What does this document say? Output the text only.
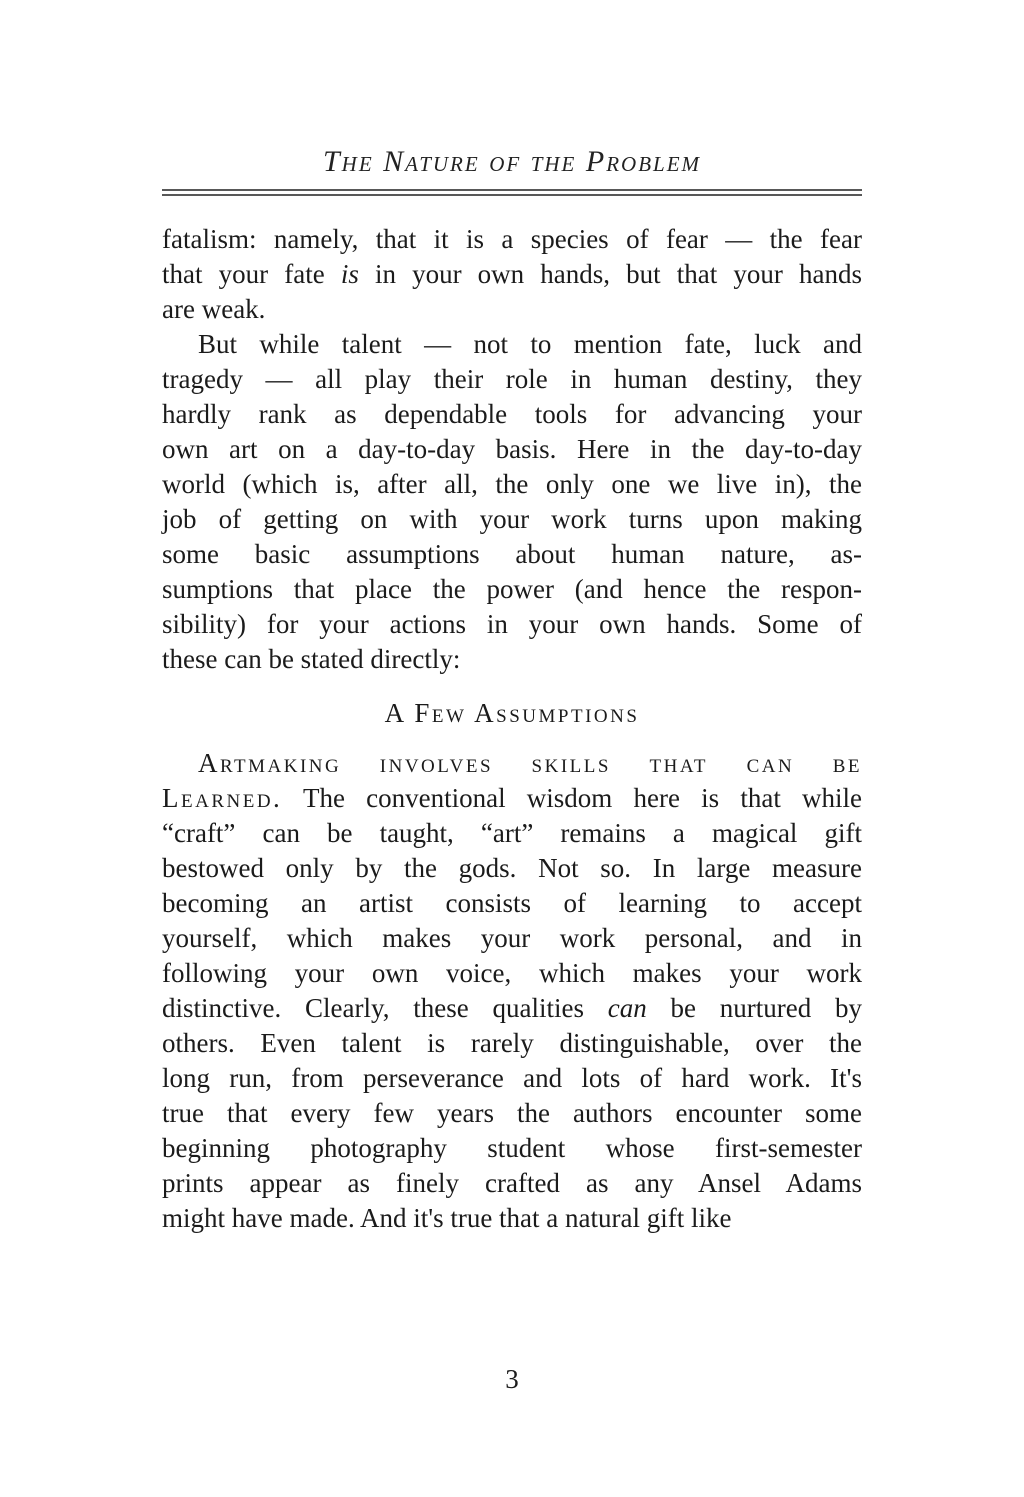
The Nature of the Problem
fatalism: namely, that it is a species of fear — the fear
that your fate is in your own hands, but that your hands
are weak.
But while talent — not to mention fate, luck and
tragedy — all play their role in human destiny, they
hardly rank as dependable tools for advancing your
own art on a day-to-day basis. Here in the day-to-day
world (which is, after all, the only one we live in), the
job of getting on with your work turns upon making
some basic assumptions about human nature, as-
sumptions that place the power (and hence the respon-
sibility) for your actions in your own hands. Some of
these can be stated directly:
A Few Assumptions
Artmaking involves skills that can be
Learned. The conventional wisdom here is that while
“craft” can be taught, “art” remains a magical gift
bestowed only by the gods. Not so. In large measure
becoming an artist consists of learning to accept
yourself, which makes your work personal, and in
following your own voice, which makes your work
distinctive. Clearly, these qualities can be nurtured by
others. Even talent is rarely distinguishable, over the
long run, from perseverance and lots of hard work. It's
true that every few years the authors encounter some
beginning photography student whose first-semester
prints appear as finely crafted as any Ansel Adams
might have made. And it's true that a natural gift like
3
